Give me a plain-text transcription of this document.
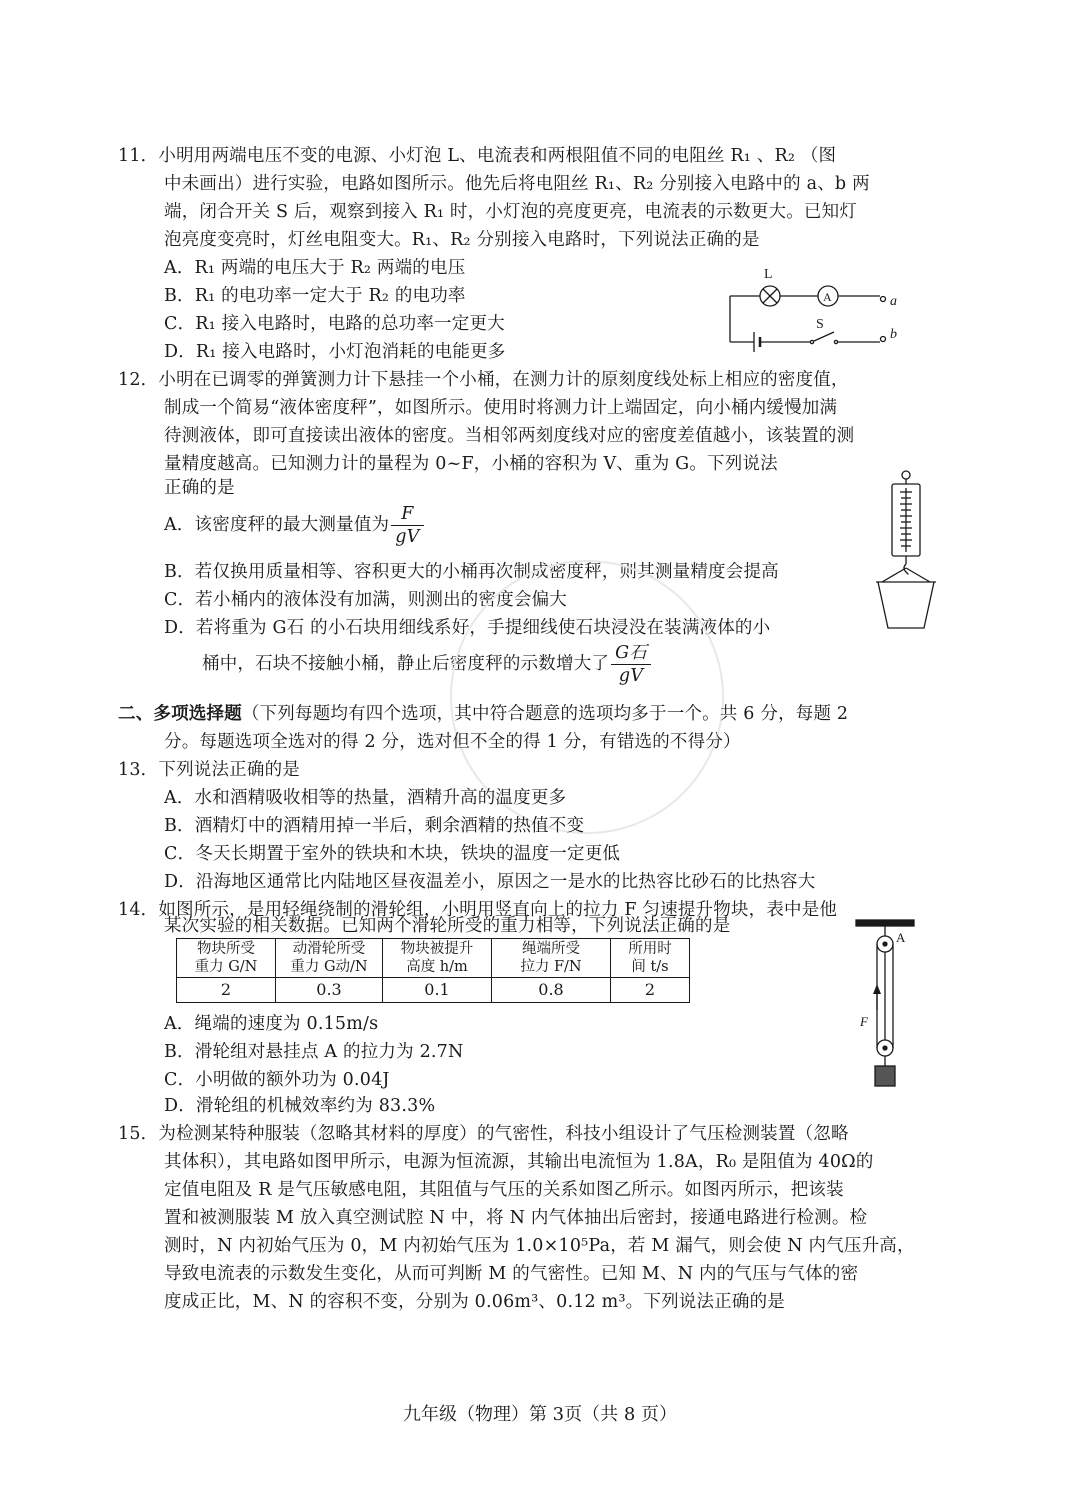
11．小明用两端电压不变的电源、小灯泡 L、电流表和两根阻值不同的电阻丝 R₁ 、R₂ （图
中未画出）进行实验，电路如图所示。他先后将电阻丝 R₁、R₂ 分别接入电路中的 a、b 两
端，闭合开关 S 后，观察到接入 R₁ 时，小灯泡的亮度更亮，电流表的示数更大。已知灯
泡亮度变亮时，灯丝电阻变大。R₁、R₂ 分别接入电路时，下列说法正确的是
A．R₁ 两端的电压大于 R₂ 两端的电压
B．R₁ 的电功率一定大于 R₂ 的电功率
C．R₁ 接入电路时，电路的总功率一定更大
D．R₁ 接入电路时，小灯泡消耗的电能更多
L
A
S
a
b
12．小明在已调零的弹簧测力计下悬挂一个小桶，在测力计的原刻度线处标上相应的密度值，
制成一个简易“液体密度秤”，如图所示。使用时将测力计上端固定，向小桶内缓慢加满
待测液体，即可直接读出液体的密度。当相邻两刻度线对应的密度差值越小，该装置的测
量精度越高。已知测力计的量程为 0~F，小桶的容积为 V、重为 G。下列说法
正确的是
A．该密度秤的最大测量值为 $\frac{F}{gV}$
B．若仅换用质量相等、容积更大的小桶再次制成密度秤，则其测量精度会提高
C．若小桶内的液体没有加满，则测出的密度会偏大
D．若将重为 G石 的小石块用细线系好，手提细线使石块浸没在装满液体的小
桶中，石块不接触小桶，静止后密度秤的示数增大了 $\frac{\text{G石}}{gV}$
二、多项选择题（下列每题均有四个选项，其中符合题意的选项均多于一个。共 6 分，每题 2
分。每题选项全选对的得 2 分，选对但不全的得 1 分，有错选的不得分）
13．下列说法正确的是
A．水和酒精吸收相等的热量，酒精升高的温度更多
B．酒精灯中的酒精用掉一半后，剩余酒精的热值不变
C．冬天长期置于室外的铁块和木块，铁块的温度一定更低
D．沿海地区通常比内陆地区昼夜温差小，原因之一是水的比热容比砂石的比热容大
14．如图所示，是用轻绳绕制的滑轮组，小明用竖直向上的拉力 F 匀速提升物块，表中是他
某次实验的相关数据。已知两个滑轮所受的重力相等，下列说法正确的是
物块所受
重力 G/N	动滑轮所受
重力 G动/N	物块被提升
高度 h/m	绳端所受
拉力 F/N	所用时
间 t/s
2	0.3	0.1	0.8	2
A．绳端的速度为 0.15m/s
B．滑轮组对悬挂点 A 的拉力为 2.7N
C．小明做的额外功为 0.04J
D．滑轮组的机械效率约为 83.3%
A
F
15．为检测某特种服装（忽略其材料的厚度）的气密性，科技小组设计了气压检测装置（忽略
其体积），其电路如图甲所示，电源为恒流源，其输出电流恒为 1.8A，R₀ 是阻值为 40Ω的
定值电阻及 R 是气压敏感电阻，其阻值与气压的关系如图乙所示。如图丙所示，把该装
置和被测服装 M 放入真空测试腔 N 中，将 N 内气体抽出后密封，接通电路进行检测。检
测时，N 内初始气压为 0，M 内初始气压为 1.0×10⁵Pa，若 M 漏气，则会使 N 内气压升高，
导致电流表的示数发生变化，从而可判断 M 的气密性。已知 M、N 内的气压与气体的密
度成正比，M、N 的容积不变，分别为 0.06m³、0.12 m³。下列说法正确的是
九年级（物理）第 3页（共 8 页）
